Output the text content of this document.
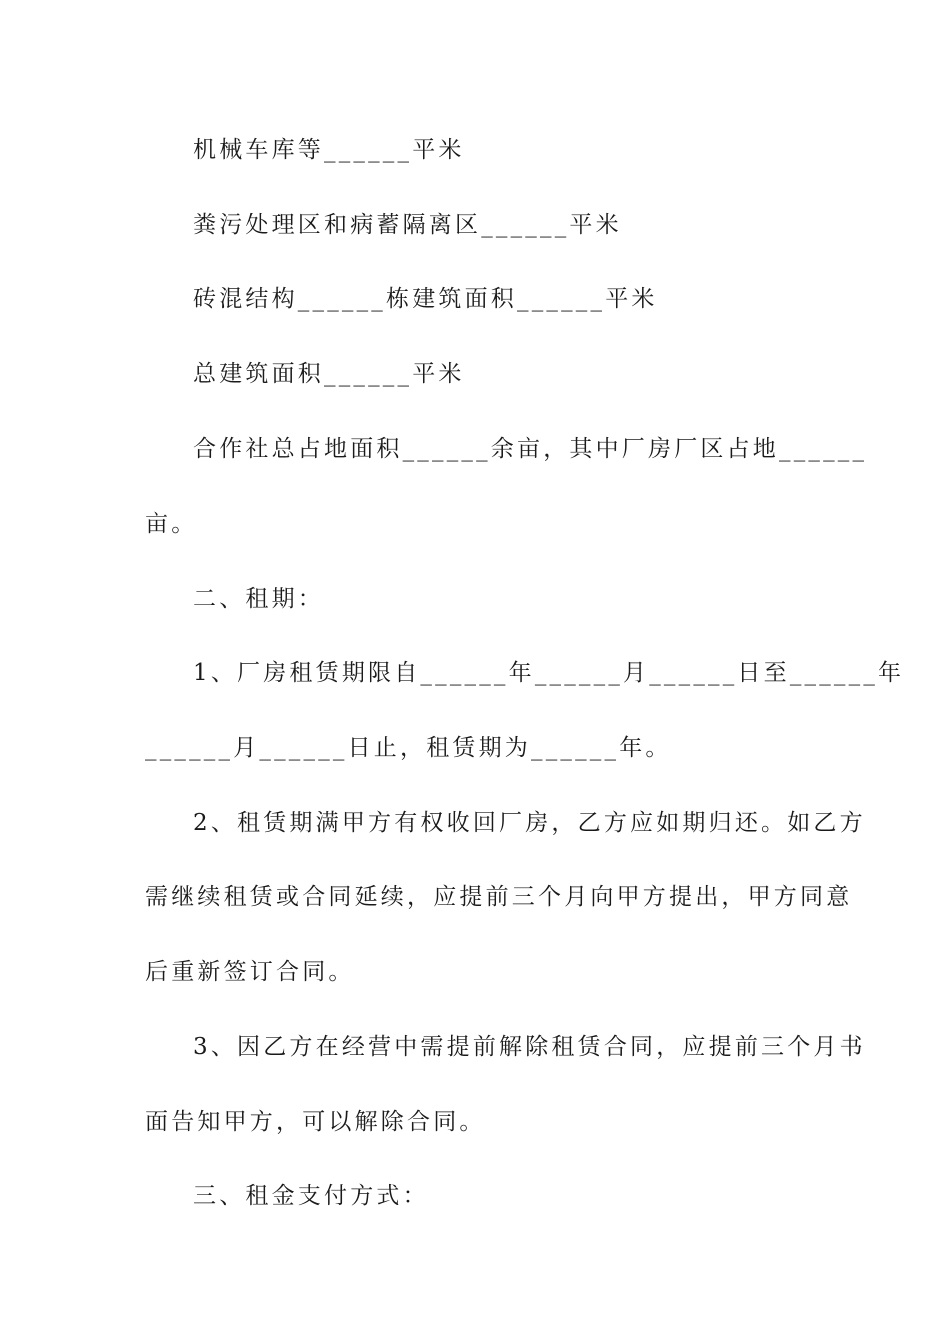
机械车库等______平米
粪污处理区和病蓄隔离区______平米
砖混结构______栋建筑面积______平米
总建筑面积______平米
合作社总占地面积______余亩，其中厂房厂区占地______
亩。
二、租期：
1、厂房租赁期限自______年______月______日至______年
______月______日止，租赁期为______年。
2、租赁期满甲方有权收回厂房，乙方应如期归还。如乙方
需继续租赁或合同延续，应提前三个月向甲方提出，甲方同意
后重新签订合同。
3、因乙方在经营中需提前解除租赁合同，应提前三个月书
面告知甲方，可以解除合同。
三、租金支付方式：
